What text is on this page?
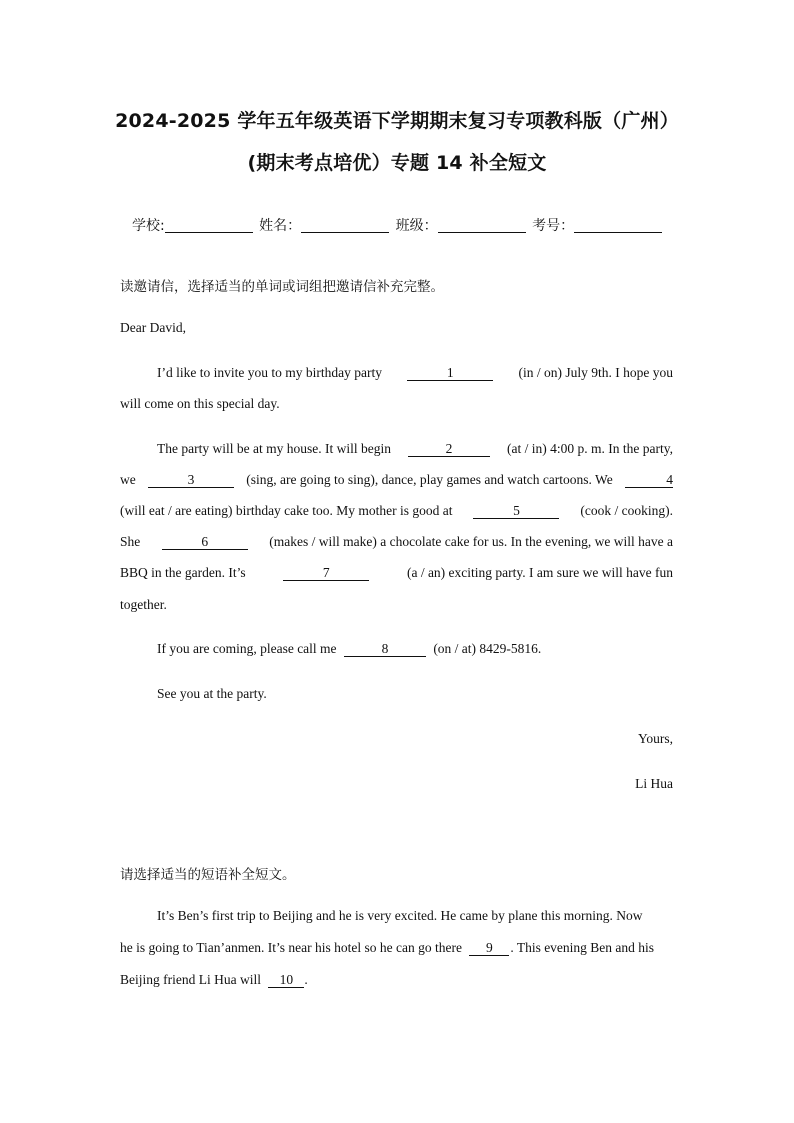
2024-2025 学年五年级英语下学期期末复习专项教科版（广州）
(期末考点培优）专题 14 补全短文
学校:	姓名：	班级：	考号：
读邀请信，选择适当的单词或词组把邀请信补充完整。
Dear David,
I’d like to invite you to my birthday party	1	(in / on) July 9th. I hope you
will come on this special day.
The party will be at my house. It will begin	2	(at / in) 4:00 p. m. In the party,
we	3	(sing, are going to sing), dance, play games and watch cartoons. We	4
(will eat / are eating) birthday cake too. My mother is good at	5	(cook / cooking).
She	6	(makes / will make) a chocolate cake for us. In the evening, we will have a
BBQ in the garden. It’s	7	(a / an) exciting party. I am sure we will have fun
together.
If you are coming, please call me	8	(on / at) 8429-5816.
See you at the party.
Yours,
Li Hua
请选择适当的短语补全短文。
It’s Ben’s first trip to Beijing and he is very excited. He came by plane this morning. Now
he is going to Tian’anmen. It’s near his hotel so he can go there 9 . This evening Ben and his
Beijing friend Li Hua will 10 .
